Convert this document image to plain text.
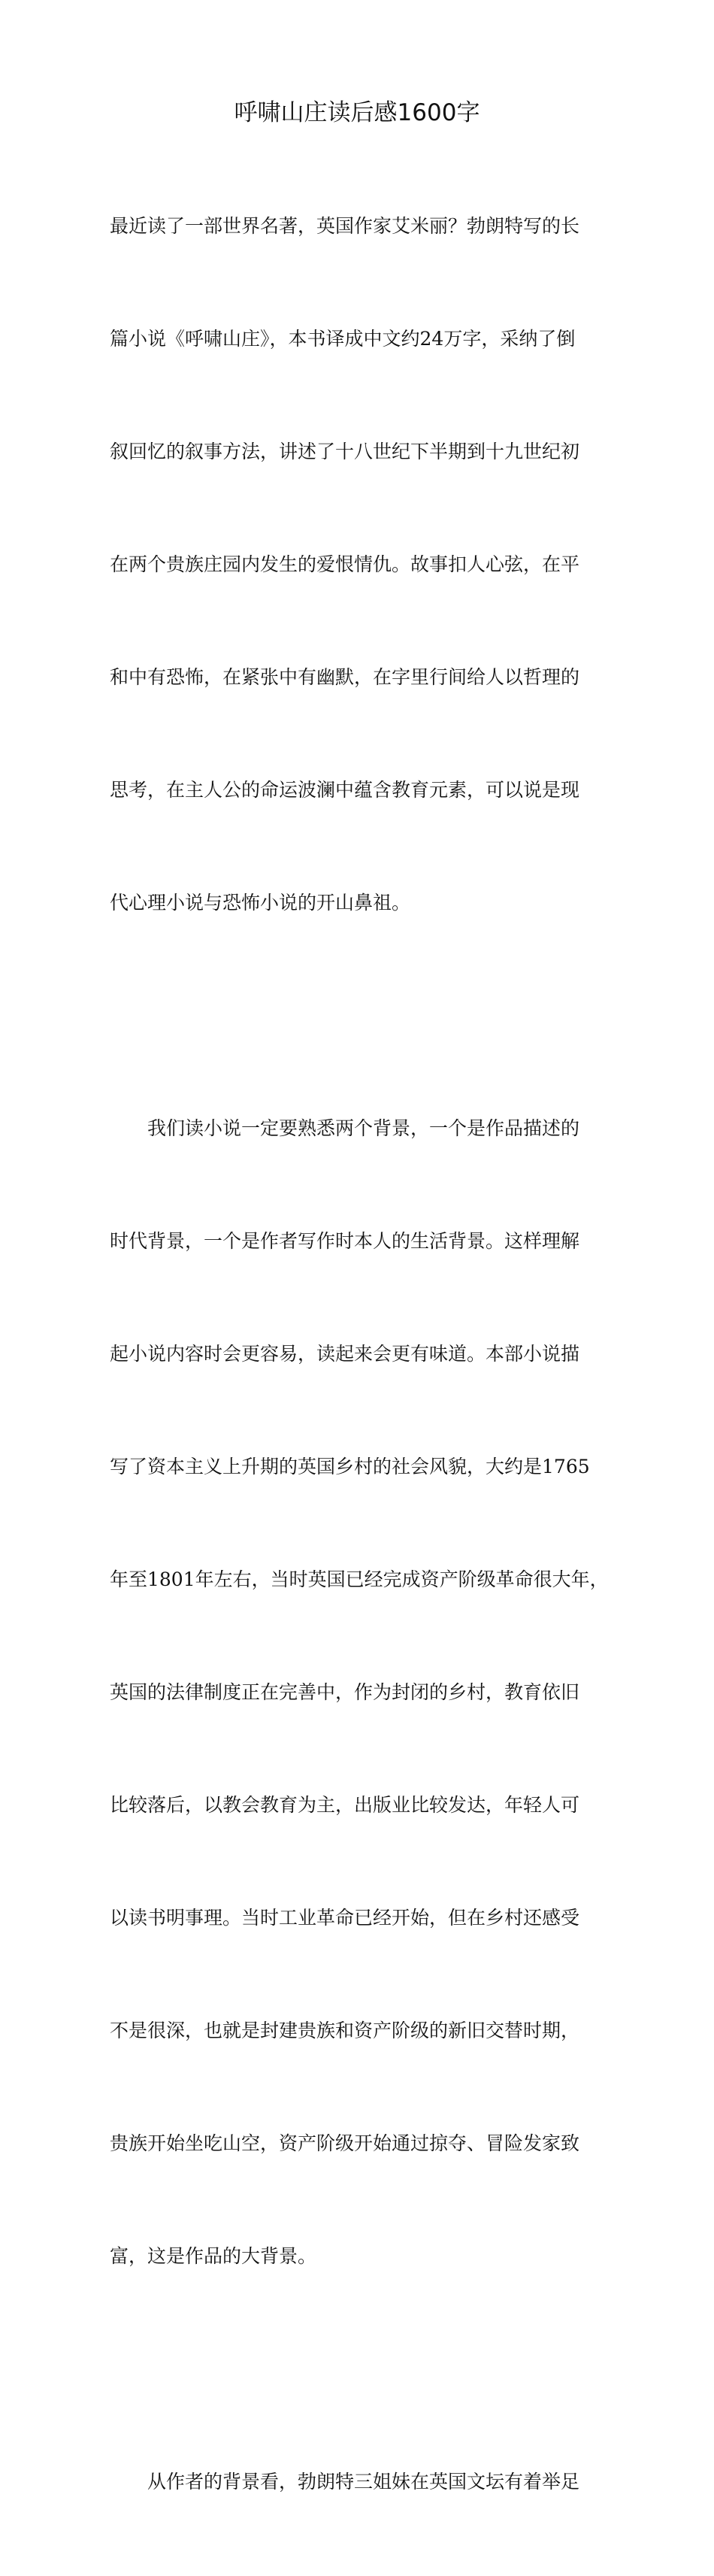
呼啸山庄读后感1600字

最近读了一部世界名著，英国作家艾米丽？勃朗特写的长

篇小说《呼啸山庄》，本书译成中文约24万字，采纳了倒

叙回忆的叙事方法，讲述了十八世纪下半期到十九世纪初

在两个贵族庄园内发生的爱恨情仇。故事扣人心弦，在平

和中有恐怖，在紧张中有幽默，在字里行间给人以哲理的

思考，在主人公的命运波澜中蕴含教育元素，可以说是现

代心理小说与恐怖小说的开山鼻祖。

　　我们读小说一定要熟悉两个背景，一个是作品描述的

时代背景，一个是作者写作时本人的生活背景。这样理解

起小说内容时会更容易，读起来会更有味道。本部小说描

写了资本主义上升期的英国乡村的社会风貌，大约是1765

年至1801年左右，当时英国已经完成资产阶级革命很大年，

英国的法律制度正在完善中，作为封闭的乡村，教育依旧

比较落后，以教会教育为主，出版业比较发达，年轻人可

以读书明事理。当时工业革命已经开始，但在乡村还感受

不是很深，也就是封建贵族和资产阶级的新旧交替时期，

贵族开始坐吃山空，资产阶级开始通过掠夺、冒险发家致

富，这是作品的大背景。

　　从作者的背景看，勃朗特三姐妹在英国文坛有着举足
